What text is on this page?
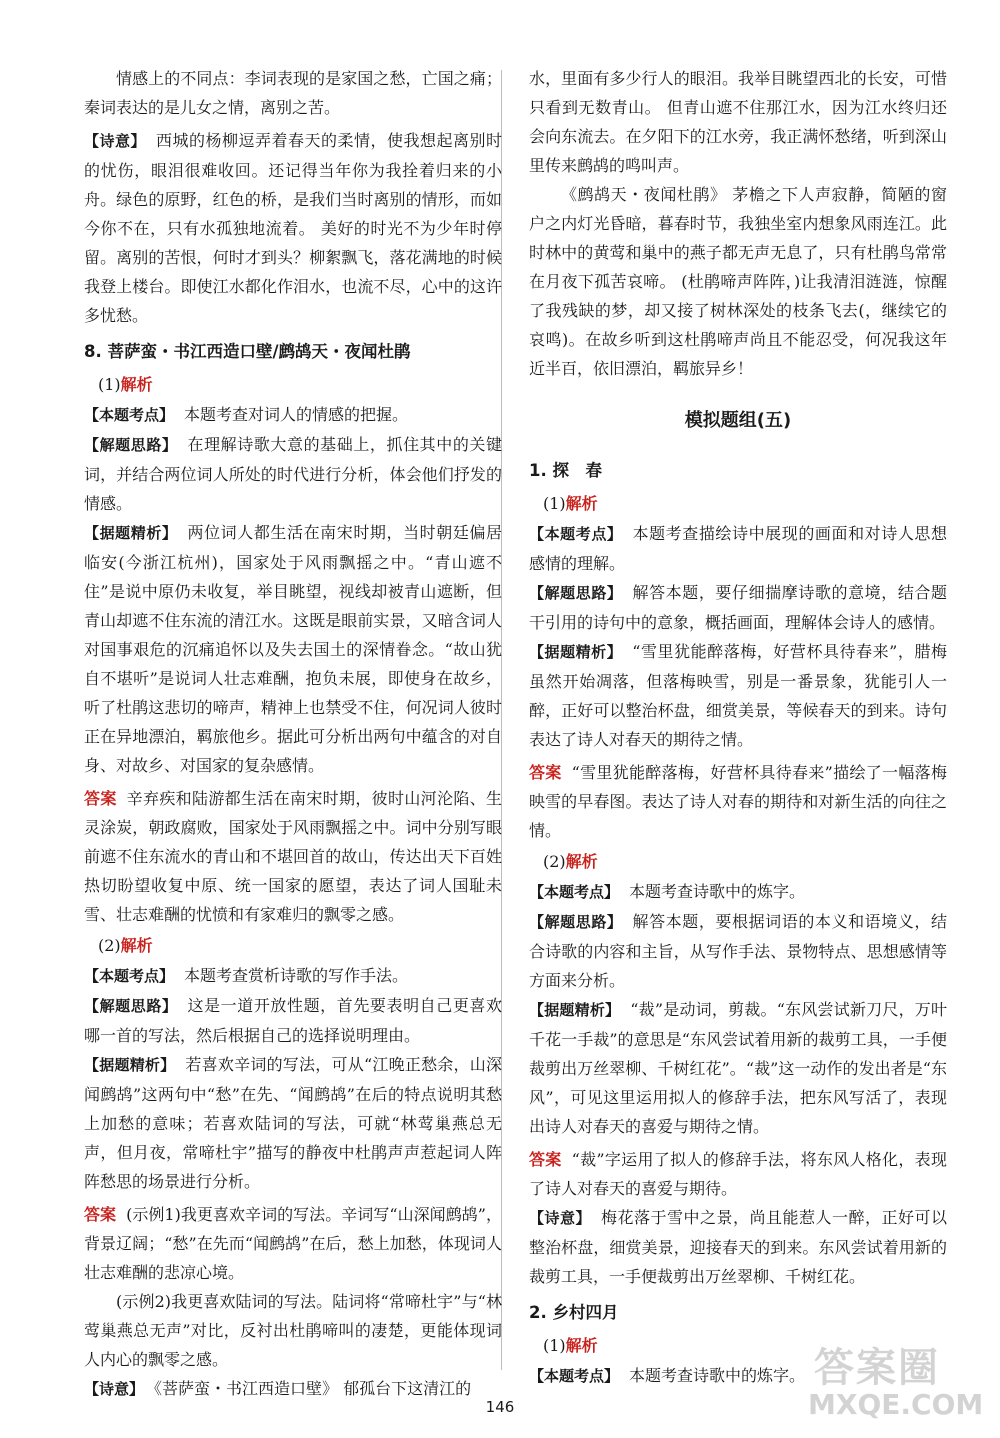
情感上的不同点：李词表现的是家国之愁，亡国之痛；秦词表达的是儿女之情，离别之苦。

【诗意】 西城的杨柳逗弄着春天的柔情，使我想起离别时的忧伤，眼泪很难收回。还记得当年你为我拴着归来的小舟。绿色的原野，红色的桥，是我们当时离别的情形，而如今你不在，只有水孤独地流着。 美好的时光不为少年时停留。离别的苦恨，何时才到头？柳絮飘飞，落花满地的时候我登上楼台。即使江水都化作泪水，也流不尽，心中的这许多忧愁。

8. 菩萨蛮・书江西造口壁/鹧鸪天・夜闻杜鹃

(1)解析

【本题考点】 本题考查对词人的情感的把握。

【解题思路】 在理解诗歌大意的基础上，抓住其中的关键词，并结合两位词人所处的时代进行分析，体会他们抒发的情感。

【据题精析】 两位词人都生活在南宋时期，当时朝廷偏居临安(今浙江杭州)，国家处于风雨飘摇之中。“青山遮不住”是说中原仍未收复，举目眺望，视线却被青山遮断，但青山却遮不住东流的清江水。这既是眼前实景，又暗含词人对国事艰危的沉痛追怀以及失去国土的深情眷念。“故山犹自不堪听”是说词人壮志难酬，抱负未展，即使身在故乡，听了杜鹃这悲切的啼声，精神上也禁受不住，何况词人彼时正在异地漂泊，羁旅他乡。据此可分析出两句中蕴含的对自身、对故乡、对国家的复杂感情。

答案 辛弃疾和陆游都生活在南宋时期，彼时山河沦陷、生灵涂炭，朝政腐败，国家处于风雨飘摇之中。词中分别写眼前遮不住东流水的青山和不堪回首的故山，传达出天下百姓热切盼望收复中原、统一国家的愿望，表达了词人国耻未雪、壮志难酬的忧愤和有家难归的飘零之感。

(2)解析

【本题考点】 本题考查赏析诗歌的写作手法。

【解题思路】 这是一道开放性题，首先要表明自己更喜欢哪一首的写法，然后根据自己的选择说明理由。

【据题精析】 若喜欢辛词的写法，可从“江晚正愁余，山深闻鹧鸪”这两句中“愁”在先、“闻鹧鸪”在后的特点说明其愁上加愁的意味；若喜欢陆词的写法，可就“林莺巢燕总无声，但月夜，常啼杜宇”描写的静夜中杜鹃声声惹起词人阵阵愁思的场景进行分析。

答案 (示例1)我更喜欢辛词的写法。辛词写“山深闻鹧鸪”，背景辽阔；“愁”在先而“闻鹧鸪”在后，愁上加愁，体现词人壮志难酬的悲凉心境。

(示例2)我更喜欢陆词的写法。陆词将“常啼杜宇”与“林莺巢燕总无声”对比，反衬出杜鹃啼叫的凄楚，更能体现词人内心的飘零之感。

【诗意】 《菩萨蛮・书江西造口壁》 郁孤台下这清江的

水，里面有多少行人的眼泪。我举目眺望西北的长安，可惜只看到无数青山。 但青山遮不住那江水，因为江水终归还会向东流去。在夕阳下的江水旁，我正满怀愁绪，听到深山里传来鹧鸪的鸣叫声。

《鹧鸪天・夜闻杜鹃》 茅檐之下人声寂静，简陋的窗户之内灯光昏暗，暮春时节，我独坐室内想象风雨连江。此时林中的黄莺和巢中的燕子都无声无息了，只有杜鹃鸟常常在月夜下孤苦哀啼。 (杜鹃啼声阵阵，)让我清泪涟涟，惊醒了我残缺的梦，却又接了树林深处的枝条飞去(，继续它的哀鸣)。在故乡听到这杜鹃啼声尚且不能忍受，何况我这年近半百，依旧漂泊，羁旅异乡！

模拟题组(五)
1. 探　春

(1)解析

【本题考点】 本题考查描绘诗中展现的画面和对诗人思想感情的理解。

【解题思路】 解答本题，要仔细揣摩诗歌的意境，结合题干引用的诗句中的意象，概括画面，理解体会诗人的感情。

【据题精析】 “雪里犹能醉落梅，好营杯具待春来”，腊梅虽然开始凋落，但落梅映雪，别是一番景象，犹能引人一醉，正好可以整治杯盘，细赏美景，等候春天的到来。诗句表达了诗人对春天的期待之情。

答案 “雪里犹能醉落梅，好营杯具待春来”描绘了一幅落梅映雪的早春图。表达了诗人对春的期待和对新生活的向往之情。

(2)解析

【本题考点】 本题考查诗歌中的炼字。

【解题思路】 解答本题，要根据词语的本义和语境义，结合诗歌的内容和主旨，从写作手法、景物特点、思想感情等方面来分析。

【据题精析】 “裁”是动词，剪裁。“东风尝试新刀尺，万叶千花一手裁”的意思是“东风尝试着用新的裁剪工具，一手便裁剪出万丝翠柳、千树红花”。“裁”这一动作的发出者是“东风”，可见这里运用拟人的修辞手法，把东风写活了，表现出诗人对春天的喜爱与期待之情。

答案 “裁”字运用了拟人的修辞手法，将东风人格化，表现了诗人对春天的喜爱与期待。

【诗意】 梅花落于雪中之景，尚且能惹人一醉，正好可以整治杯盘，细赏美景，迎接春天的到来。东风尝试着用新的裁剪工具，一手便裁剪出万丝翠柳、千树红花。

2. 乡村四月

(1)解析

【本题考点】 本题考查诗歌中的炼字。

146
答案圈
MXQE.COM
